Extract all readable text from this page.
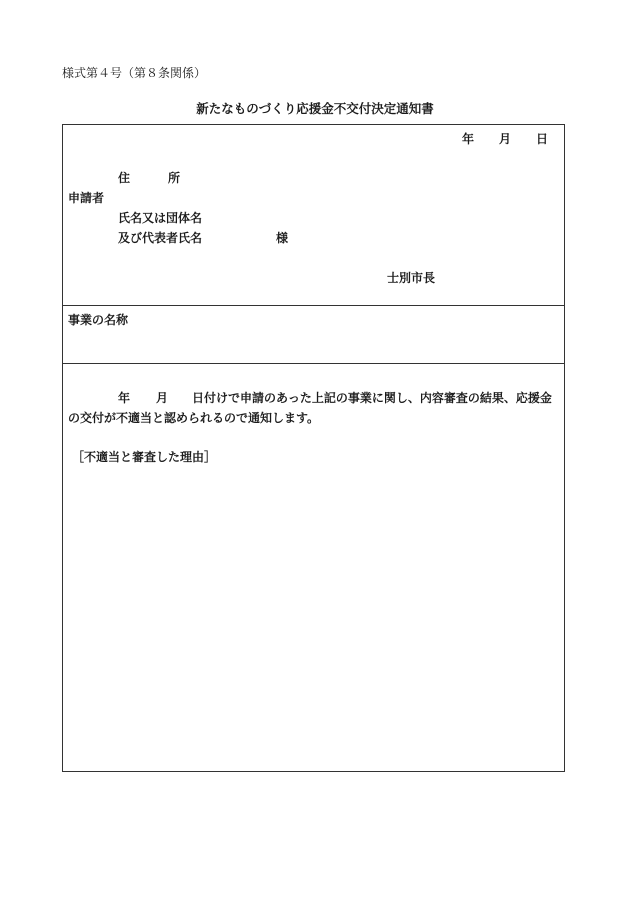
様式第４号（第８条関係）
新たなものづくり応援金不交付決定通知書
年 月 日
住	所
申請者
氏名又は団体名
及び代表者氏名	様
士別市長
事業の名称
年 月 日付けで申請のあった上記の事業に関し、内容審査の結果、応援金
の交付が不適当と認められるので通知します。
［不適当と審査した理由］
